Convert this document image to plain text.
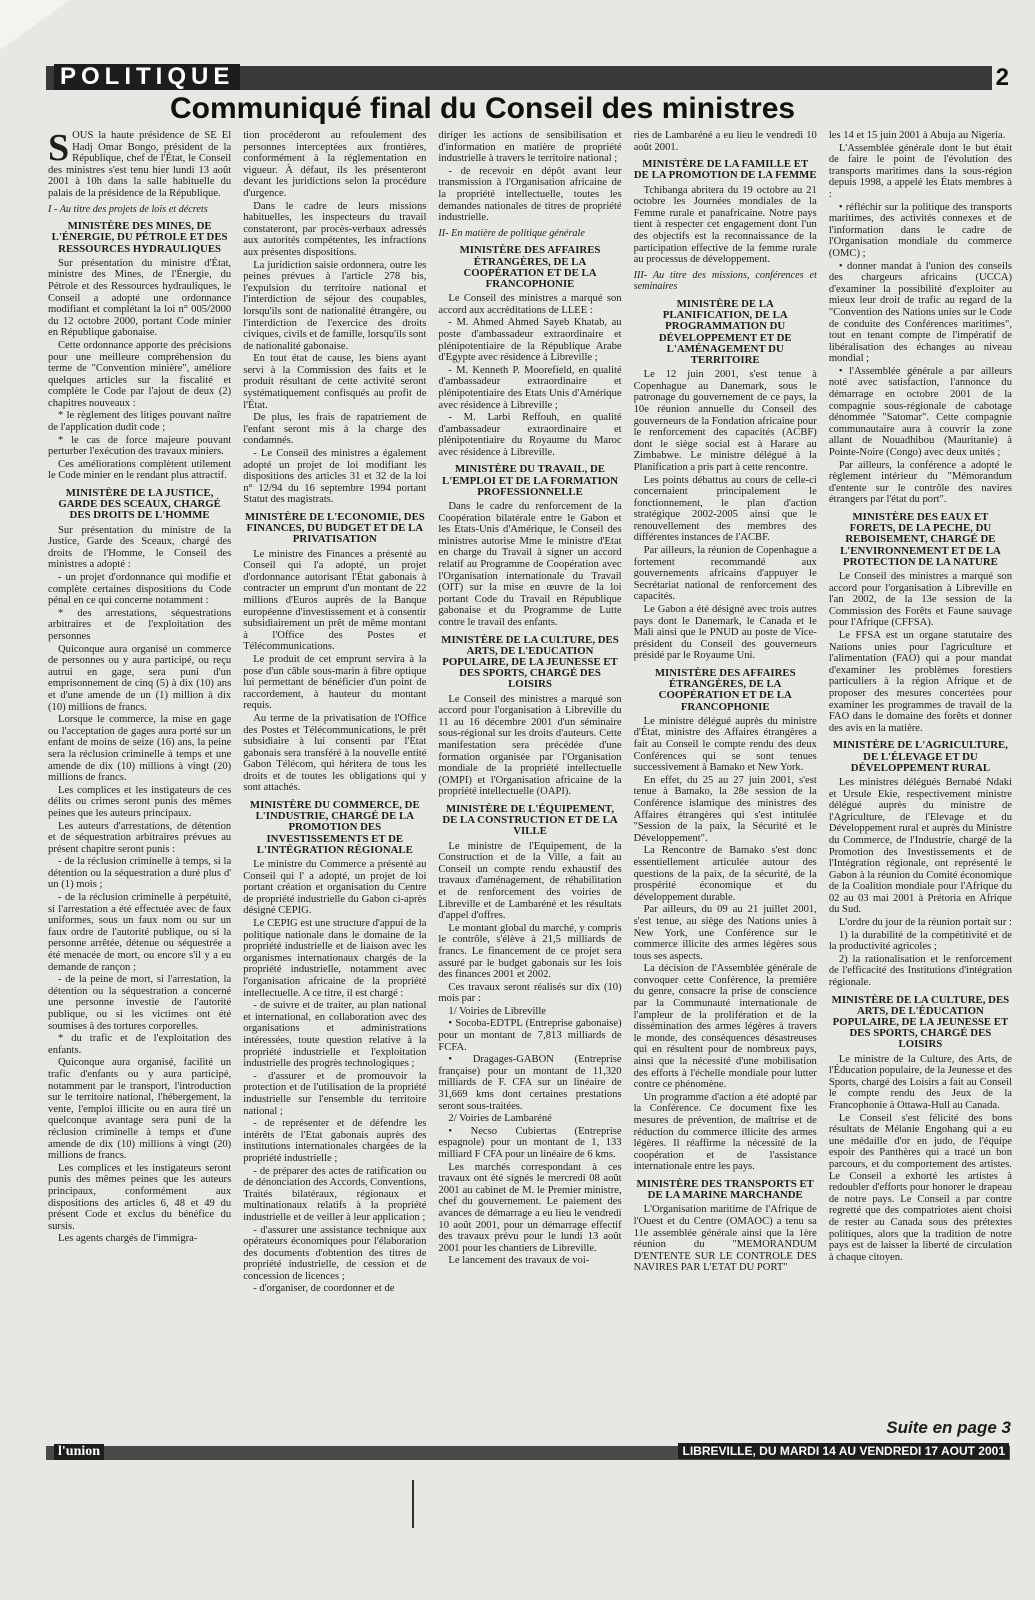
POLITIQUE	2
Communiqué final du Conseil des ministres

SOUS la haute présidence de SE El Hadj Omar Bongo, président de la République, chef de l'État, le Conseil des ministres s'est tenu hier lundi 13 août 2001 à 10h dans la salle habituelle du palais de la présidence de la République.

I - Au titre des projets de lois et décrets

MINISTÈRE DES MINES, DE L'ÉNERGIE, DU PÉTROLE ET DES RESSOURCES HYDRAULIQUES

Sur présentation du ministre d'État, ministre des Mines, de l'Énergie, du Pétrole et des Ressources hydrauliques, le Conseil a adopté une ordonnance modifiant et complétant la loi n° 005/2000 du 12 octobre 2000, portant Code minier en République gabonaise.

Cette ordonnance apporte des précisions pour une meilleure compréhension du terme de "Convention minière", améliore quelques articles sur la fiscalité et complète le Code par l'ajout de deux (2) chapitres nouveaux :

* le règlement des litiges pouvant naître de l'application dudit code ;

* le cas de force majeure pouvant perturber l'exécution des travaux miniers.

Ces améliorations complètent utilement le Code minier en le rendant plus attractif.

MINISTÈRE DE LA JUSTICE, GARDE DES SCEAUX, CHARGÉ DES DROITS DE L'HOMME

Sur présentation du ministre de la Justice, Garde des Sceaux, chargé des droits de l'Homme, le Conseil des ministres a adopté :

- un projet d'ordonnance qui modifie et complète certaines dispositions du Code pénal en ce qui concerne notamment :

* des arrestations, séquestrations arbitraires et de l'exploitation des personnes

Quiconque aura organisé un commerce de personnes ou y aura participé, ou reçu autrui en gage, sera puni d'un emprisonnement de cinq (5) à dix (10) ans et d'une amende de un (1) million à dix (10) millions de francs.

Lorsque le commerce, la mise en gage ou l'acceptation de gages aura porté sur un enfant de moins de seize (16) ans, la peine sera la réclusion criminelle à temps et une amende de dix (10) millions à vingt (20) millions de francs.

Les complices et les instigateurs de ces délits ou crimes seront punis des mêmes peines que les auteurs principaux.

Les auteurs d'arrestations, de détention et de séquestration arbitraires prévues au présent chapitre seront punis :

- de la réclusion criminelle à temps, si la détention ou la séquestration a duré plus d' un (1) mois ;

- de la réclusion criminelle à perpétuité, si l'arrestation a été effectuée avec de faux uniformes, sous un faux nom ou sur un faux ordre de l'autorité publique, ou si la personne arrêtée, détenue ou séquestrée a été menacée de mort, ou encore s'il y a eu demande de rançon ;

- de la peine de mort, si l'arrestation, la détention ou la séquestration a concerné une personne investie de l'autorité publique, ou si les victimes ont été soumises à des tortures corporelles.

* du trafic et de l'exploitation des enfants.

Quiconque aura organisé, facilité un trafic d'enfants ou y aura participé, notamment par le transport, l'introduction sur le territoire national, l'hébergement, la vente, l'emploi illicite ou en aura tiré un quelconque avantage sera puni de la réclusion criminelle à temps et d'une amende de dix (10) millions à vingt (20) millions de francs.

Les complices et les instigateurs seront punis des mêmes peines que les auteurs principaux, conformément aux dispositions des articles 6, 48 et 49 du présent Code et exclus du bénéfice du sursis.

Les agents chargés de l'immigra-

tion procéderont au refoulement des personnes interceptées aux frontières, conformément à la réglementation en vigueur. À défaut, ils les présenteront devant les juridictions selon la procédure d'urgence.

Dans le cadre de leurs missions habituelles, les inspecteurs du travail constateront, par procès-verbaux adressés aux autorités compétentes, les infractions aux présentes dispositions.

La juridiction saisie ordonnera, outre les peines prévues à l'article 278 bis, l'expulsion du territoire national et l'interdiction de séjour des coupables, lorsqu'ils sont de nationalité étrangère, ou l'interdiction de l'exercice des droits civiques, civils et de famille, lorsqu'ils sont de nationalité gabonaise.

En tout état de cause, les biens ayant servi à la Commission des faits et le produit résultant de cette activité seront systématiquement confisqués au profit de l'État.

De plus, les frais de rapatriement de l'enfant seront mis à la charge des condamnés.

- Le Conseil des ministres a également adopté un projet de loi modifiant les dispositions des articles 31 et 32 de la loi n° 12/94 du 16 septembre 1994 portant Statut des magistrats.

MINISTÈRE DE L'ECONOMIE, DES FINANCES, DU BUDGET ET DE LA PRIVATISATION

Le ministre des Finances a présenté au Conseil qui l'a adopté, un projet d'ordonnance autorisant l'État gabonais à contracter un emprunt d'un montant de 22 millions d'Euros auprès de la Banque européenne d'investissement et à consentir subsidiairement un prêt de même montant à l'Office des Postes et Télécommunications.

Le produit de cet emprunt servira à la pose d'un câble sous-marin à fibre optique lui permettant de bénéficier d'un point de raccordement, à hauteur du montant requis.

Au terme de la privatisation de l'Office des Postes et Télécommunications, le prêt subsidiaire à lui consenti par l'Etat gabonais sera transféré à la nouvelle entité Gabon Télécom, qui héritera de tous les droits et de toutes les obligations qui y sont attachés.

MINISTÈRE DU COMMERCE, DE L'INDUSTRIE, CHARGÉ DE LA PROMOTION DES INVESTISSEMENTS ET DE L'INTÉGRATION RÉGIONALE

Le ministre du Commerce a présenté au Conseil qui l' a adopté, un projet de loi portant création et organisation du Centre de propriété industrielle du Gabon ci-après désigné CEPIG.

Le CEPIG est une structure d'appui de la politique nationale dans le domaine de la propriété industrielle et de liaison avec les organismes internationaux chargés de la propriété industrielle, notamment avec l'organisation africaine de la propriété intellectuelle. A ce titre, il est chargé :

- de suivre et de traiter, au plan national et international, en collaboration avec des organisations et administrations intéressées, toute question relative à la propriété industrielle et l'exploitation industrielle des progrès technologiques ;

- d'assurer et de promouvoir la protection et de l'utilisation de la propriété industrielle sur l'ensemble du territoire national ;

- de représenter et de défendre les intérêts de l'Etat gabonais auprès des institutions internationales chargées de la propriété industrielle ;

- de préparer des actes de ratification ou de dénonciation des Accords, Conventions, Traités bilatéraux, régionaux et multinationaux relatifs à la propriété industrielle et de veiller à leur application ;

- d'assurer une assistance technique aux opérateurs économiques pour l'élaboration des documents d'obtention des titres de propriété industrielle, de cession et de concession de licences ;

- d'organiser, de coordonner et de

diriger les actions de sensibilisation et d'information en matière de propriété industrielle à travers le territoire national ;

- de recevoir en dépôt avant leur transmission à l'Organisation africaine de la propriété intellectuelle, toutes les demandes nationales de titres de propriété industrielle.

II- En matière de politique générale

MINISTÈRE DES AFFAIRES ÉTRANGÈRES, DE LA COOPÉRATION ET DE LA FRANCOPHONIE

Le Conseil des ministres a marqué son accord aux accréditations de LLEE :

- M. Ahmed Ahmed Sayeb Khatab, au poste d'ambassadeur extraordinaire et plénipotentiaire de la République Arabe d'Egypte avec résidence à Libreville ;

- M. Kenneth P. Moorefield, en qualité d'ambassadeur extraordinaire et plénipotentiaire des Etats Unis d'Amérique avec résidence à Libreville ;

- M. Larbi Reffouh, en qualité d'ambassadeur extraordinaire et plénipotentiaire du Royaume du Maroc avec résidence à Libreville.

MINISTÈRE DU TRAVAIL, DE L'EMPLOI ET DE LA FORMATION PROFESSIONNELLE

Dans le cadre du renforcement de la Coopération bilatérale entre le Gabon et les Etats-Unis d'Amérique, le Conseil des ministres autorise Mme le ministre d'Etat en charge du Travail à signer un accord relatif au Programme de Coopération avec l'Organisation internationale du Travail (OIT) sur la mise en œuvre de la loi portant Code du Travail en République gabonaise et du Programme de Lutte contre le travail des enfants.

MINISTÈRE DE LA CULTURE, DES ARTS, DE L'EDUCATION POPULAIRE, DE LA JEUNESSE ET DES SPORTS, CHARGÉ DES LOISIRS

Le Conseil des ministres a marqué son accord pour l'organisation à Libreville du 11 au 16 décembre 2001 d'un séminaire sous-régional sur les droits d'auteurs. Cette manifestation sera précédée d'une formation organisée par l'Organisation mondiale de la propriété intellectuelle (OMPI) et l'Organisation africaine de la propriété intellectuelle (OAPI).

MINISTÈRE DE L'ÉQUIPEMENT, DE LA CONSTRUCTION ET DE LA VILLE

Le ministre de l'Equipement, de la Construction et de la Ville, a fait au Conseil un compte rendu exhaustif des travaux d'aménagement, de réhabilitation et de renforcement des voiries de Libreville et de Lambaréné et les résultats d'appel d'offres.

Le montant global du marché, y compris le contrôle, s'élève à 21,5 milliards de francs. Le financement de ce projet sera assuré par le budget gabonais sur les lois des finances 2001 et 2002.

Ces travaux seront réalisés sur dix (10) mois par :

1/ Voiries de Libreville

• Socoba-EDTPL (Entreprise gabonaise) pour un montant de 7,813 milliards de FCFA.

• Dragages-GABON (Entreprise française) pour un montant de 11,320 milliards de F. CFA sur un linéaire de 31,669 kms dont certaines prestations seront sous-traitées.

2/ Voiries de Lambaréné

• Necso Cubiertas (Entreprise espagnole) pour un montant de 1, 133 milliard F CFA pour un linéaire de 6 kms.

Les marchés correspondant à ces travaux ont été signés le mercredi 08 août 2001 au cabinet de M. le Premier ministre, chef du gouvernement. Le paiement des avances de démarrage a eu lieu le vendredi 10 août 2001, pour un démarrage effectif des travaux prévu pour le lundi 13 août 2001 pour les chantiers de Libreville.

Le lancement des travaux de voi-

ries de Lambaréné a eu lieu le vendredi 10 août 2001.

MINISTÈRE DE LA FAMILLE ET DE LA PROMOTION DE LA FEMME

Tchibanga abritera du 19 octobre au 21 octobre les Journées mondiales de la Femme rurale et panafricaine. Notre pays tient à respecter cet engagement dont l'un des objectifs est la reconnaissance de la participation effective de la femme rurale au processus de développement.

III- Au titre des missions, conférences et seminaires

MINISTÈRE DE LA PLANIFICATION, DE LA PROGRAMMATION DU DÉVELOPPEMENT ET DE L'AMÉNAGEMENT DU TERRITOIRE

Le 12 juin 2001, s'est tenue à Copenhague au Danemark, sous le patronage du gouvernement de ce pays, la 10e réunion annuelle du Conseil des gouverneurs de la Fondation africaine pour le renforcement des capacités (ACBF) dont le siège social est à Harare au Zimbabwe. Le ministre délégué à la Planification a pris part à cette rencontre.

Les points débattus au cours de celle-ci concernaient principalement le fonctionnement, le plan d'action stratégique 2002-2005 ainsi que le renouvellement des membres des différentes instances de l'ACBF.

Par ailleurs, la réunion de Copenhague a fortement recommandé aux gouvernements africains d'appuyer le Secrétariat national de renforcement des capacités.

Le Gabon a été désigné avec trois autres pays dont le Danemark, le Canada et le Mali ainsi que le PNUD au poste de Vice-président du Conseil des gouverneurs présidé par le Royaume Uni.

MINISTÈRE DES AFFAIRES ÉTRANGÈRES, DE LA COOPÉRATION ET DE LA FRANCOPHONIE

Le ministre délégué auprès du ministre d'État, ministre des Affaires étrangères a fait au Conseil le compte rendu des deux Conférences qui se sont tenues successivement à Bamako et New York.

En effet, du 25 au 27 juin 2001, s'est tenue à Bamako, la 28e session de la Conférence islamique des ministres des Affaires étrangères qui s'est intitulée "Session de la paix, la Sécurité et le Développement".

La Rencontre de Bamako s'est donc essentiellement articulée autour des questions de la paix, de la sécurité, de la prospérité économique et du développement durable.

Par ailleurs, du 09 au 21 juillet 2001, s'est tenue, au siège des Nations unies à New York, une Conférence sur le commerce illicite des armes légères sous tous ses aspects.

La décision de l'Assemblée générale de convoquer cette Conférence, la première du genre, consacre la prise de conscience par la Communauté internationale de l'ampleur de la prolifération et de la dissémination des armes légères à travers le monde, des conséquences désastreuses qui en résultent pour de nombreux pays, ainsi que la nécessité d'une mobilisation des efforts à l'échelle mondiale pour lutter contre ce phénomène.

Un programme d'action a été adopté par la Conférence. Ce document fixe les mesures de prévention, de maîtrise et de réduction du commerce illicite des armes légères. Il réaffirme la nécessité de la coopération et de l'assistance internationale entre les pays.

MINISTÈRE DES TRANSPORTS ET DE LA MARINE MARCHANDE

L'Organisation maritime de l'Afrique de l'Ouest et du Centre (OMAOC) a tenu sa 11e assemblée générale ainsi que la 1ère réunion du "MEMORANDUM D'ENTENTE SUR LE CONTROLE DES NAVIRES PAR L'ETAT DU PORT"

les 14 et 15 juin 2001 à Abuja au Nigeria.

L'Assemblée générale dont le but était de faire le point de l'évolution des transports maritimes dans la sous-région depuis 1998, a appelé les États membres à :

• réfléchir sur la politique des transports maritimes, des activités connexes et de l'information dans le cadre de l'Organisation mondiale du commerce (OMC) ;

• donner mandat à l'union des conseils des chargeurs africains (UCCA) d'examiner la possibilité d'exploiter au mieux leur droit de trafic au regard de la "Convention des Nations unies sur le Code de conduite des Conférences maritimes", tout en tenant compte de l'impératif de libéralisation des échanges au niveau mondial ;

• l'Assemblée générale a par ailleurs noté avec satisfaction, l'annonce du démarrage en octobre 2001 de la compagnie sous-régionale de cabotage dénommée "Satomar". Cette compagnie communautaire aura à couvrir la zone allant de Nouadhibou (Mauritanie) à Pointe-Noire (Congo) avec deux unités ;

Par ailleurs, la conférence a adopté le règlement intérieur du "Mémorandum d'entente sur le contrôle des navires étrangers par l'état du port".

MINISTÈRE DES EAUX ET FORETS, DE LA PECHE, DU REBOISEMENT, CHARGÉ DE L'ENVIRONNEMENT ET DE LA PROTECTION DE LA NATURE

Le Conseil des ministres a marqué son accord pour l'organisation à Libreville en l'an 2002, de la 13e session de la Commission des Forêts et Faune sauvage pour l'Afrique (CFFSA).

Le FFSA est un organe statutaire des Nations unies pour l'agriculture et l'alimentation (FAO) qui a pour mandat d'examiner les problèmes forestiers particuliers à la région Afrique et de proposer des mesures concertées pour examiner les programmes de travail de la FAO dans le domaine des forêts et donner des avis en la matière.

MINISTÈRE DE L'AGRICULTURE, DE L'ÉLEVAGE ET DU DÉVELOPPEMENT RURAL

Les ministres délégués Bernabé Ndaki et Ursule Ekie, respectivement ministre délégué auprès du ministre de l'Agriculture, de l'Elevage et du Développement rural et auprès du Ministre du Commerce, de l'Industrie, chargé de la Promotion des Investissements et de l'Intégration régionale, ont représenté le Gabon à la réunion du Comité économique de la Coalition mondiale pour l'Afrique du 02 au 03 mai 2001 à Prétoria en Afrique du Sud.

L'ordre du jour de la réunion portait sur :

1) la durabilité de la compétitivité et de la productivité agricoles ;

2) la rationalisation et le renforcement de l'efficacité des Institutions d'intégration régionale.

MINISTÈRE DE LA CULTURE, DES ARTS, DE L'ÉDUCATION POPULAIRE, DE LA JEUNESSE ET DES SPORTS, CHARGÉ DES LOISIRS

Le ministre de la Culture, des Arts, de l'Éducation populaire, de la Jeunesse et des Sports, chargé des Loisirs a fait au Conseil le compte rendu des Jeux de la Francophonie à Ottawa-Hull au Canada.

Le Conseil s'est félicité des bons résultats de Mélanie Engohang qui a eu une médaille d'or en judo, de l'équipe espoir des Panthères qui a tracé un bon parcours, et du comportement des artistes. Le Conseil a exhorté les artistes à redoubler d'efforts pour honorer le drapeau de notre pays. Le Conseil a par contre regretté que des compatriotes aient choisi de rester au Canada sous des prétextes politiques, alors que la tradition de notre pays est de laisser la liberté de circulation à chaque citoyen.

Suite en page 3
l'union	LIBREVILLE, DU MARDI 14 AU VENDREDI 17 AOUT 2001
